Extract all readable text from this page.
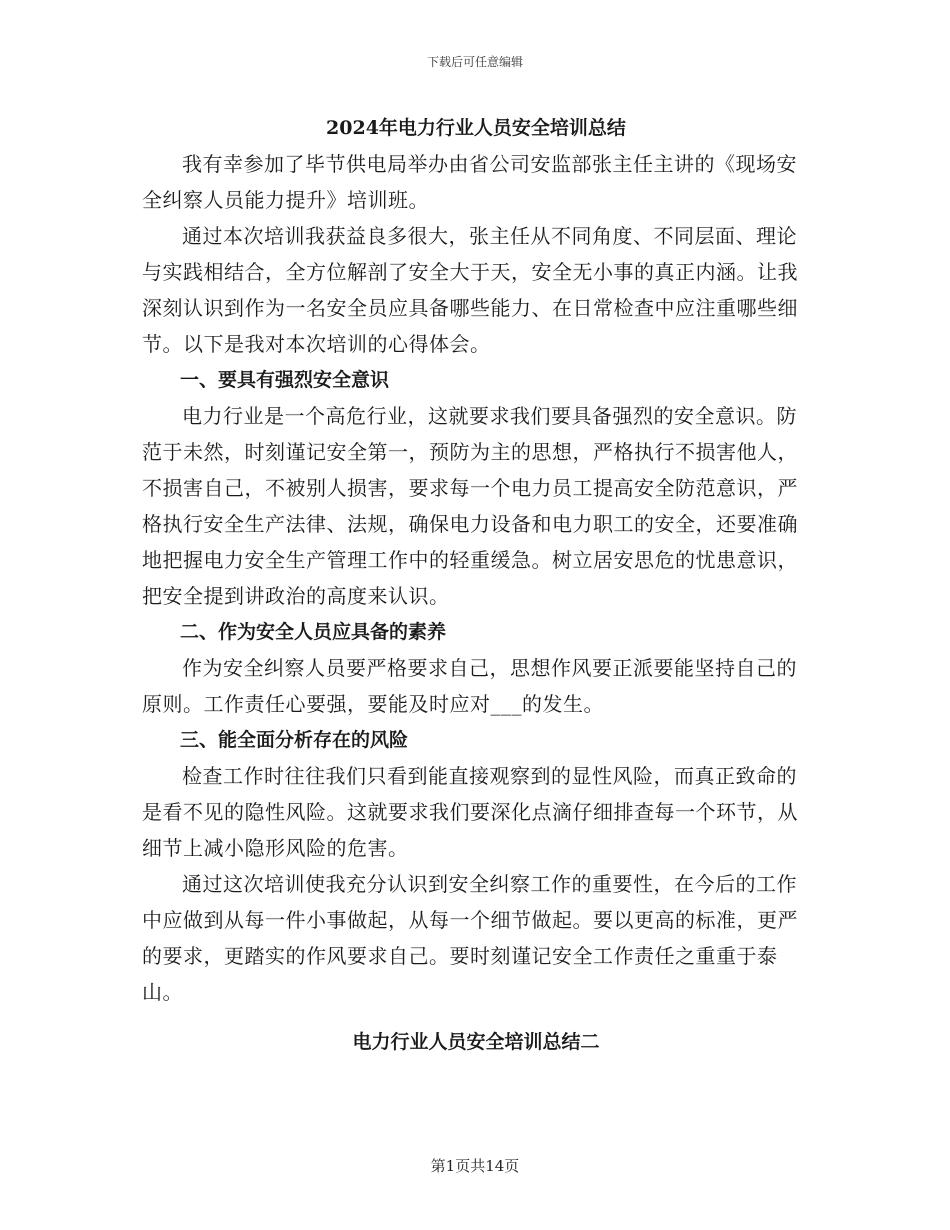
下载后可任意编辑

2024年电力行业人员安全培训总结

我有幸参加了毕节供电局举办由省公司安监部张主任主讲的《现场安全纠察人员能力提升》培训班。

通过本次培训我获益良多很大，张主任从不同角度、不同层面、理论与实践相结合，全方位解剖了安全大于天，安全无小事的真正内涵。让我深刻认识到作为一名安全员应具备哪些能力、在日常检查中应注重哪些细节。以下是我对本次培训的心得体会。

一、要具有强烈安全意识

电力行业是一个高危行业，这就要求我们要具备强烈的安全意识。防范于未然，时刻谨记安全第一，预防为主的思想，严格执行不损害他人，不损害自己，不被别人损害，要求每一个电力员工提高安全防范意识，严格执行安全生产法律、法规，确保电力设备和电力职工的安全，还要准确地把握电力安全生产管理工作中的轻重缓急。树立居安思危的忧患意识，把安全提到讲政治的高度来认识。

二、作为安全人员应具备的素养

作为安全纠察人员要严格要求自己，思想作风要正派要能坚持自己的原则。工作责任心要强，要能及时应对___的发生。

三、能全面分析存在的风险

检查工作时往往我们只看到能直接观察到的显性风险，而真正致命的是看不见的隐性风险。这就要求我们要深化点滴仔细排查每一个环节，从细节上减小隐形风险的危害。

通过这次培训使我充分认识到安全纠察工作的重要性，在今后的工作中应做到从每一件小事做起，从每一个细节做起。要以更高的标准，更严的要求，更踏实的作风要求自己。要时刻谨记安全工作责任之重重于泰山。

电力行业人员安全培训总结二

第1页共14页
